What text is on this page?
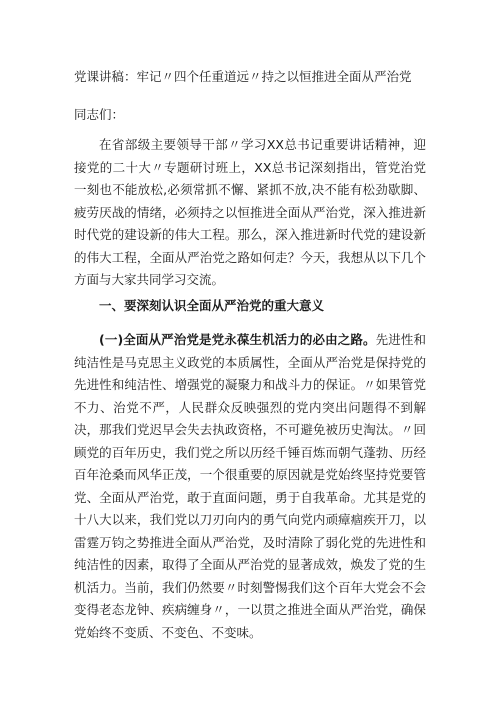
党课讲稿：牢记〃四个任重道远〃持之以恒推进全面从严治党
同志们：

在省部级主要领导干部〃学习XX总书记重要讲话精神，迎接党的二十大〃专题研讨班上，XX总书记深刻指出，管党治党一刻也不能放松,必须常抓不懈、紧抓不放,决不能有松劲歇脚、疲劳厌战的情绪，必须持之以恒推进全面从严治党，深入推进新时代党的建设新的伟大工程。那么，深入推进新时代党的建设新的伟大工程，全面从严治党之路如何走？今天，我想从以下几个方面与大家共同学习交流。

一、要深刻认识全面从严治党的重大意义

(一)全面从严治党是党永葆生机活力的必由之路。先进性和纯洁性是马克思主义政党的本质属性，全面从严治党是保持党的先进性和纯洁性、增强党的凝聚力和战斗力的保证。〃如果管党不力、治党不严，人民群众反映强烈的党内突出问题得不到解决，那我们党迟早会失去执政资格，不可避免被历史淘汰。〃回顾党的百年历史，我们党之所以历经千锤百炼而朝气蓬勃、历经百年沧桑而风华正茂，一个很重要的原因就是党始终坚持党要管党、全面从严治党，敢于直面问题，勇于自我革命。尤其是党的十八大以来，我们党以刀刃向内的勇气向党内顽瘴痼疾开刀，以雷霆万钧之势推进全面从严治党，及时清除了弱化党的先进性和纯洁性的因素，取得了全面从严治党的显著成效，焕发了党的生机活力。当前，我们仍然要〃时刻警惕我们这个百年大党会不会变得老态龙钟、疾病缠身〃，一以贯之推进全面从严治党，确保党始终不变质、不变色、不变味。
